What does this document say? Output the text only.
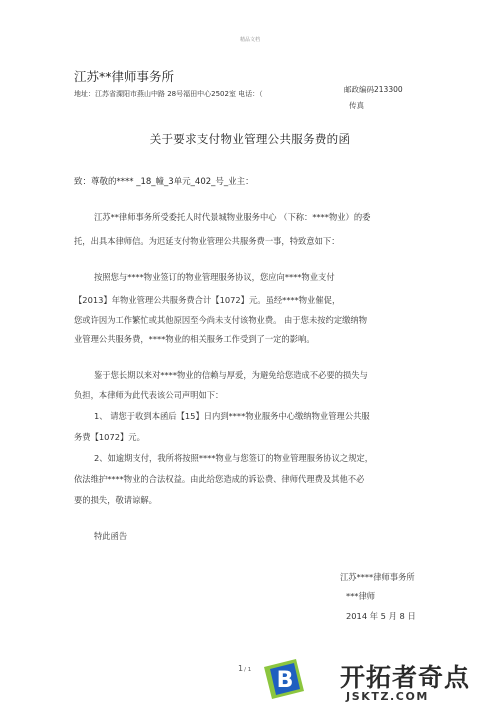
精品文档
江苏**律师事务所
地址：江苏省溧阳市燕山中路 28号福田中心2502室 电话：（	邮政编码213300
传真
关于要求支付物业管理公共服务费的函
致：尊敬的**** _18_幢_3单元_402_号_业主：
江苏**律师事务所受委托人时代景城物业服务中心 （下称：****物业）的委
托，出具本律师信。为迟延支付物业管理公共服务费一事，特致意如下：
按照您与****物业签订的物业管理服务协议，您应向****物业支付
【2013】年物业管理公共服务费合计【1072】元。虽经****物业催促，
您或许因为工作繁忙或其他原因至今尚未支付该物业费。 由于您未按约定缴纳物
业管理公共服务费，****物业的相关服务工作受到了一定的影响。
鉴于您长期以来对****物业的信赖与厚爱，为避免给您造成不必要的损失与
负担，本律师为此代表该公司声明如下：
1、 请您于收到本函后【15】日内到****物业服务中心缴纳物业管理公共服
务费【1072】元。
2、如逾期支付，我所将按照****物业与您签订的物业管理服务协议之规定，
依法维护****物业的合法权益。由此给您造成的诉讼费、律师代理费及其他不必
要的损失，敬请谅解。
特此函告
江苏****律师事务所
***律师
2014 年 5 月 8 日
1/ 1 B 开拓者奇点
JSKTZ.COM
